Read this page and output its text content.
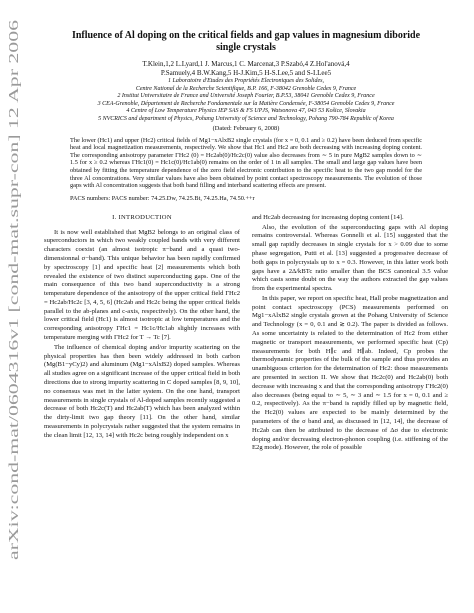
arXiv:cond-mat/0604316v1 [cond-mat.supr-con] 12 Apr 2006
Influence of Al doping on the critical fields and gap values in magnesium diboride single crystals
T.Klein,1,2 L.Lyard,1 J. Marcus,1 C. Marcenat,3 P.Szabó,4 Z.Hol'anová,4
P.Samuely,4 B.W.Kang,5 H-J.Kim,5 H-S.Lee,5 and S-I.Lee5
1 Laboratoire d'Etudes des Propriétés Electroniques des Solides,
Centre National de la Recherche Scientifique, B.P. 166, F-38042 Grenoble Cedex 9, France
2 Institut Universitaire de France and Université Joseph Fourier, B.P.53, 38041 Grenoble Cedex 9, France
3 CEA-Grenoble, Département de Recherche Fondamentale sur la Matière Condensée, F-38054 Grenoble Cedex 9, France
4 Centre of Low Temperature Physics IEP SAS & FS UPJS, Watsonova 47, 043 53 Košice, Slovakia
5 NVCRICS and department of Physics, Pohang University of Science and Technology, Pohang 790-784 Republic of Korea
(Dated: February 6, 2008)
The lower (Hc1) and upper (Hc2) critical fields of Mg1−xAlxB2 single crystals (for x = 0, 0.1 and ≥ 0.2) have been deduced from specific heat and local magnetization measurements, respectively. We show that Hc1 and Hc2 are both decreasing with increasing doping content. The corresponding anisotropy parameter ΓHc2 (0) = Hc2ab(0)/Hc2c(0) value also decreases from ∼ 5 in pure MgB2 samples down to ∼ 1.5 for x ≥ 0.2 whereas ΓHc1(0) = Hc1c(0)/Hc1ab(0) remains on the order of 1 in all samples. The small and large gap values have been obtained by fitting the temperature dependence of the zero field electronic contribution to the specific heat to the two gap model for the three Al concentrations. Very similar values have also been obtained by point contact spectroscopy measurements. The evolution of those gaps with Al concentration suggests that both band filling and interband scattering effects are present.
PACS numbers: PACS number: 74.25.Dw, 74.25.Bt, 74.25.Ha, 74.50.++r
I. INTRODUCTION

It is now well established that MgB2 belongs to an original class of superconductors in which two weakly coupled bands with very different characters coexist (an almost isotropic π−band and a quasi two-dimensionnal σ−band). This unique behavior has been rapidly confirmed by spectroscopy [1] and specific heat [2] measurements which both revealed the existence of two distinct superconducting gaps. One of the main consequence of this two band superconductivity is a strong temperature dependence of the anisotropy of the upper critical field ΓHc2 = Hc2ab/Hc2c [3, 4, 5, 6] (Hc2ab and Hc2c being the upper critical fields parallel to the ab-planes and c-axis, respectively). On the other hand, the lower critical field (Hc1) is almost isotropic at low temperatures and the corresponding anisotropy ΓHc1 = Hc1c/Hc1ab slightly increases with temperature merging with ΓHc2 for T → Tc [7].

The influence of chemical doping and/or impurity scattering on the physical properties has then been widely addressed in both carbon (Mg(B1−yCy)2) and aluminum (Mg1−xAlxB2) doped samples. Whereas all studies agree on a significant increase of the upper critical field in both directions due to strong impurity scattering in C doped samples [8, 9, 10], no consensus was met in the latter system. On the one hand, transport measurements in single crystals of Al-doped samples recently suggested a decrease of both Hc2c(T) and Hc2ab(T) which has been analyzed within the dirty-limit two gap theory [11]. On the other hand, similar measurements in polycrystals rather suggested that the system remains in the clean limit [12, 13, 14] with Hc2c being roughly independent on x

and Hc2ab decreasing for increasing doping content [14].

Also, the evolution of the superconducting gaps with Al doping remains controversial. Whereas Gonnelli et al. [15] suggested that the small gap rapidly decreases in single crystals for x > 0.09 due to some phase segregation, Putti et al. [13] suggested a progressive decrease of both gaps in polycrystals up to x = 0.3. However, in this latter work both gaps have a 2Δ/kBTc ratio smaller than the BCS canonical 3.5 value which casts some doubt on the way the authors extracted the gap values from the experimental spectra.

In this paper, we report on specific heat, Hall probe magnetization and point contact spectroscopy (PCS) measurements performed on Mg1−xAlxB2 single crystals grown at the Pohang University of Science and Technology (x = 0, 0.1 and ≳ 0.2). The paper is divided as follows. As some uncertainty is related to the determination of Hc2 from either magnetic or transport measurements, we performed specific heat (Cp) measurements for both H∥c and H∥ab. Indeed, Cp probes the thermodynamic properties of the bulk of the sample and thus provides an unambiguous criterion for the determination of Hc2: those measurements are presented in section II. We show that Hc2c(0) and Hc2ab(0) both decrease with increasing x and that the corresponding anisotropy ΓHc2(0) also decreases (being equal to ∼ 5, ∼ 3 and ∼ 1.5 for x = 0, 0.1 and ≥ 0.2, respectively). As the π−band is rapidly filled up by magnetic field, the Hc2(0) values are expected to be mainly determined by the parameters of the σ band and, as discussed in [12, 14], the decrease of Hc2ab can then be attributed to the decrease of Δσ due to electronic doping and/or decreasing electron-phonon coupling (i.e. stiffening of the E2g mode). However, the role of possible
